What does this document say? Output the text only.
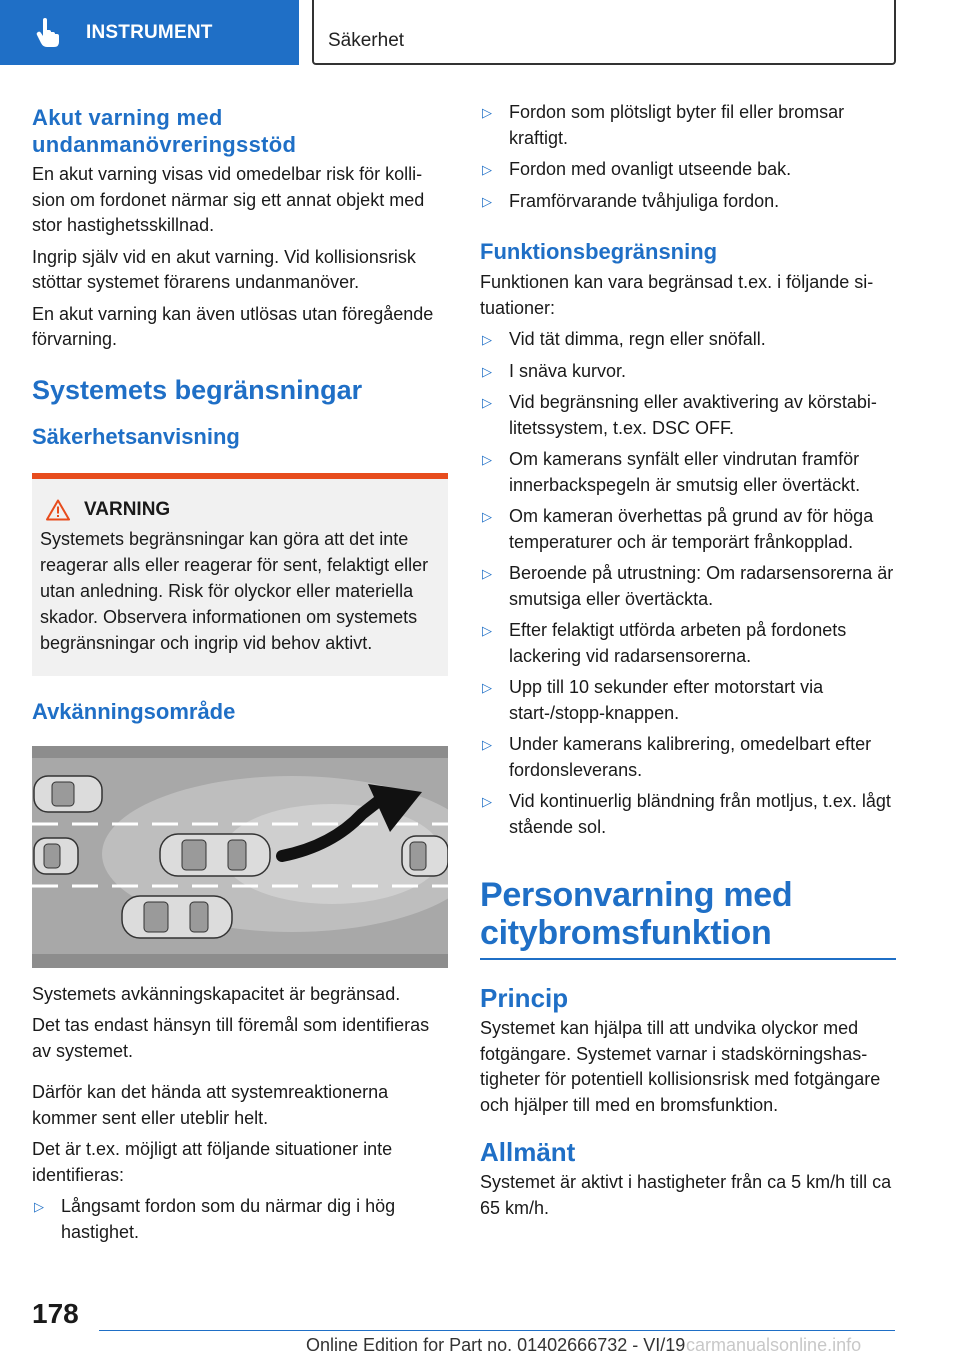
INSTRUMENT	Säkerhet
Akut varning med undanmanövreringsstöd

En akut varning visas vid omedelbar risk för kollision om fordonet närmar sig ett annat objekt med stor hastighetsskillnad.

Ingrip själv vid en akut varning. Vid kollisionsrisk stöttar systemet förarens undanmanöver.

En akut varning kan även utlösas utan föregående förvarning.

Systemets begränsningar
Säkerhetsanvisning
VARNING

Systemets begränsningar kan göra att det inte reagerar alls eller reagerar för sent, felaktigt eller utan anledning. Risk för olyckor eller materiella skador. Observera informationen om systemets begränsningar och ingrip vid behov aktivt.

Avkänningsområde

Systemets avkänningskapacitet är begränsad.

Det tas endast hänsyn till föremål som identifieras av systemet.

Därför kan det hända att systemreaktionerna kommer sent eller uteblir helt.

Det är t.ex. möjligt att följande situationer inte identifieras:

▷ Långsamt fordon som du närmar dig i hög hastighet.
▷ Fordon som plötsligt byter fil eller bromsar kraftigt.
▷ Fordon med ovanligt utseende bak.
▷ Framförvarande tvåhjuliga fordon.
Funktionsbegränsning

Funktionen kan vara begränsad t.ex. i följande situationer:

▷ Vid tät dimma, regn eller snöfall.
▷ I snäva kurvor.
▷ Vid begränsning eller avaktivering av körstabilitetssystem, t.ex. DSC OFF.
▷ Om kamerans synfält eller vindrutan framför innerbackspegeln är smutsig eller övertäckt.
▷ Om kameran överhettas på grund av för höga temperaturer och är temporärt frånkopplad.
▷ Beroende på utrustning: Om radarsensorerna är smutsiga eller övertäckta.
▷ Efter felaktigt utförda arbeten på fordonets lackering vid radarsensorerna.
▷ Upp till 10 sekunder efter motorstart via start-/stopp-knappen.
▷ Under kamerans kalibrering, omedelbart efter fordonsleverans.
▷ Vid kontinuerlig bländning från motljus, t.ex. lågt stående sol.
Personvarning med citybromsfunktion
Princip

Systemet kan hjälpa till att undvika olyckor med fotgängare. Systemet varnar i stadskörningshastigheter för potentiell kollisionsrisk med fotgängare och hjälper till med en bromsfunktion.

Allmänt

Systemet är aktivt i hastigheter från ca 5 km/h till ca 65 km/h.

178
Online Edition for Part no. 01402666732 - VI/19 carmanualsonline.info
